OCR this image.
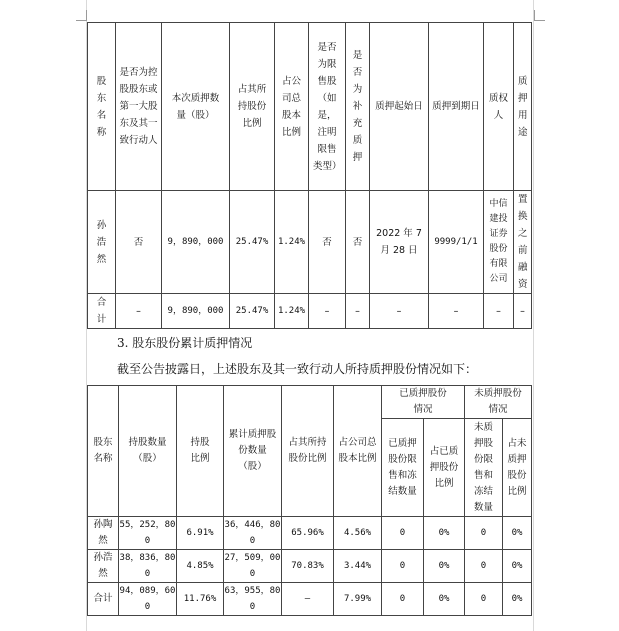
股东名称	是否为控股股东或第一大股东及其一致行动人	本次质押数量（股）	占其所持股份比例	占公司总股本比例	是否为限售股（如是，注明限售类型）	是否为补充质押	质押起始日	质押到期日	质权人	质押用途
孙浩然	否	9，890，000	25.47%	1.24%	否	否	2022 年 7 月 28 日	9999/1/1	中信建投证券股份有限公司	置换之前融资
合计	–	9，890，000	25.47%	1.24%	–	–	–	–	–	–
3. 股东股份累计质押情况
截至公告披露日，上述股东及其一致行动人所持质押股份情况如下：
股东名称	持股数量（股）	持股比例	累计质押股份数量（股）	占其所持股份比例	占公司总股本比例	已质押股份情况		未质押股份情况	
						已质押股份限售和冻结数量	占已质押股份比例	未质押股份限售和冻结数量	占未质押股份比例
孙陶然	55，252，800	6.91%	36，446，800	65.96%	4.56%	0	0%	0	0%
孙浩然	38，836，800	4.85%	27，509，000	70.83%	3.44%	0	0%	0	0%
合计	94，089，600	11.76%	63，955，800	–	7.99%	0	0%	0	0%
